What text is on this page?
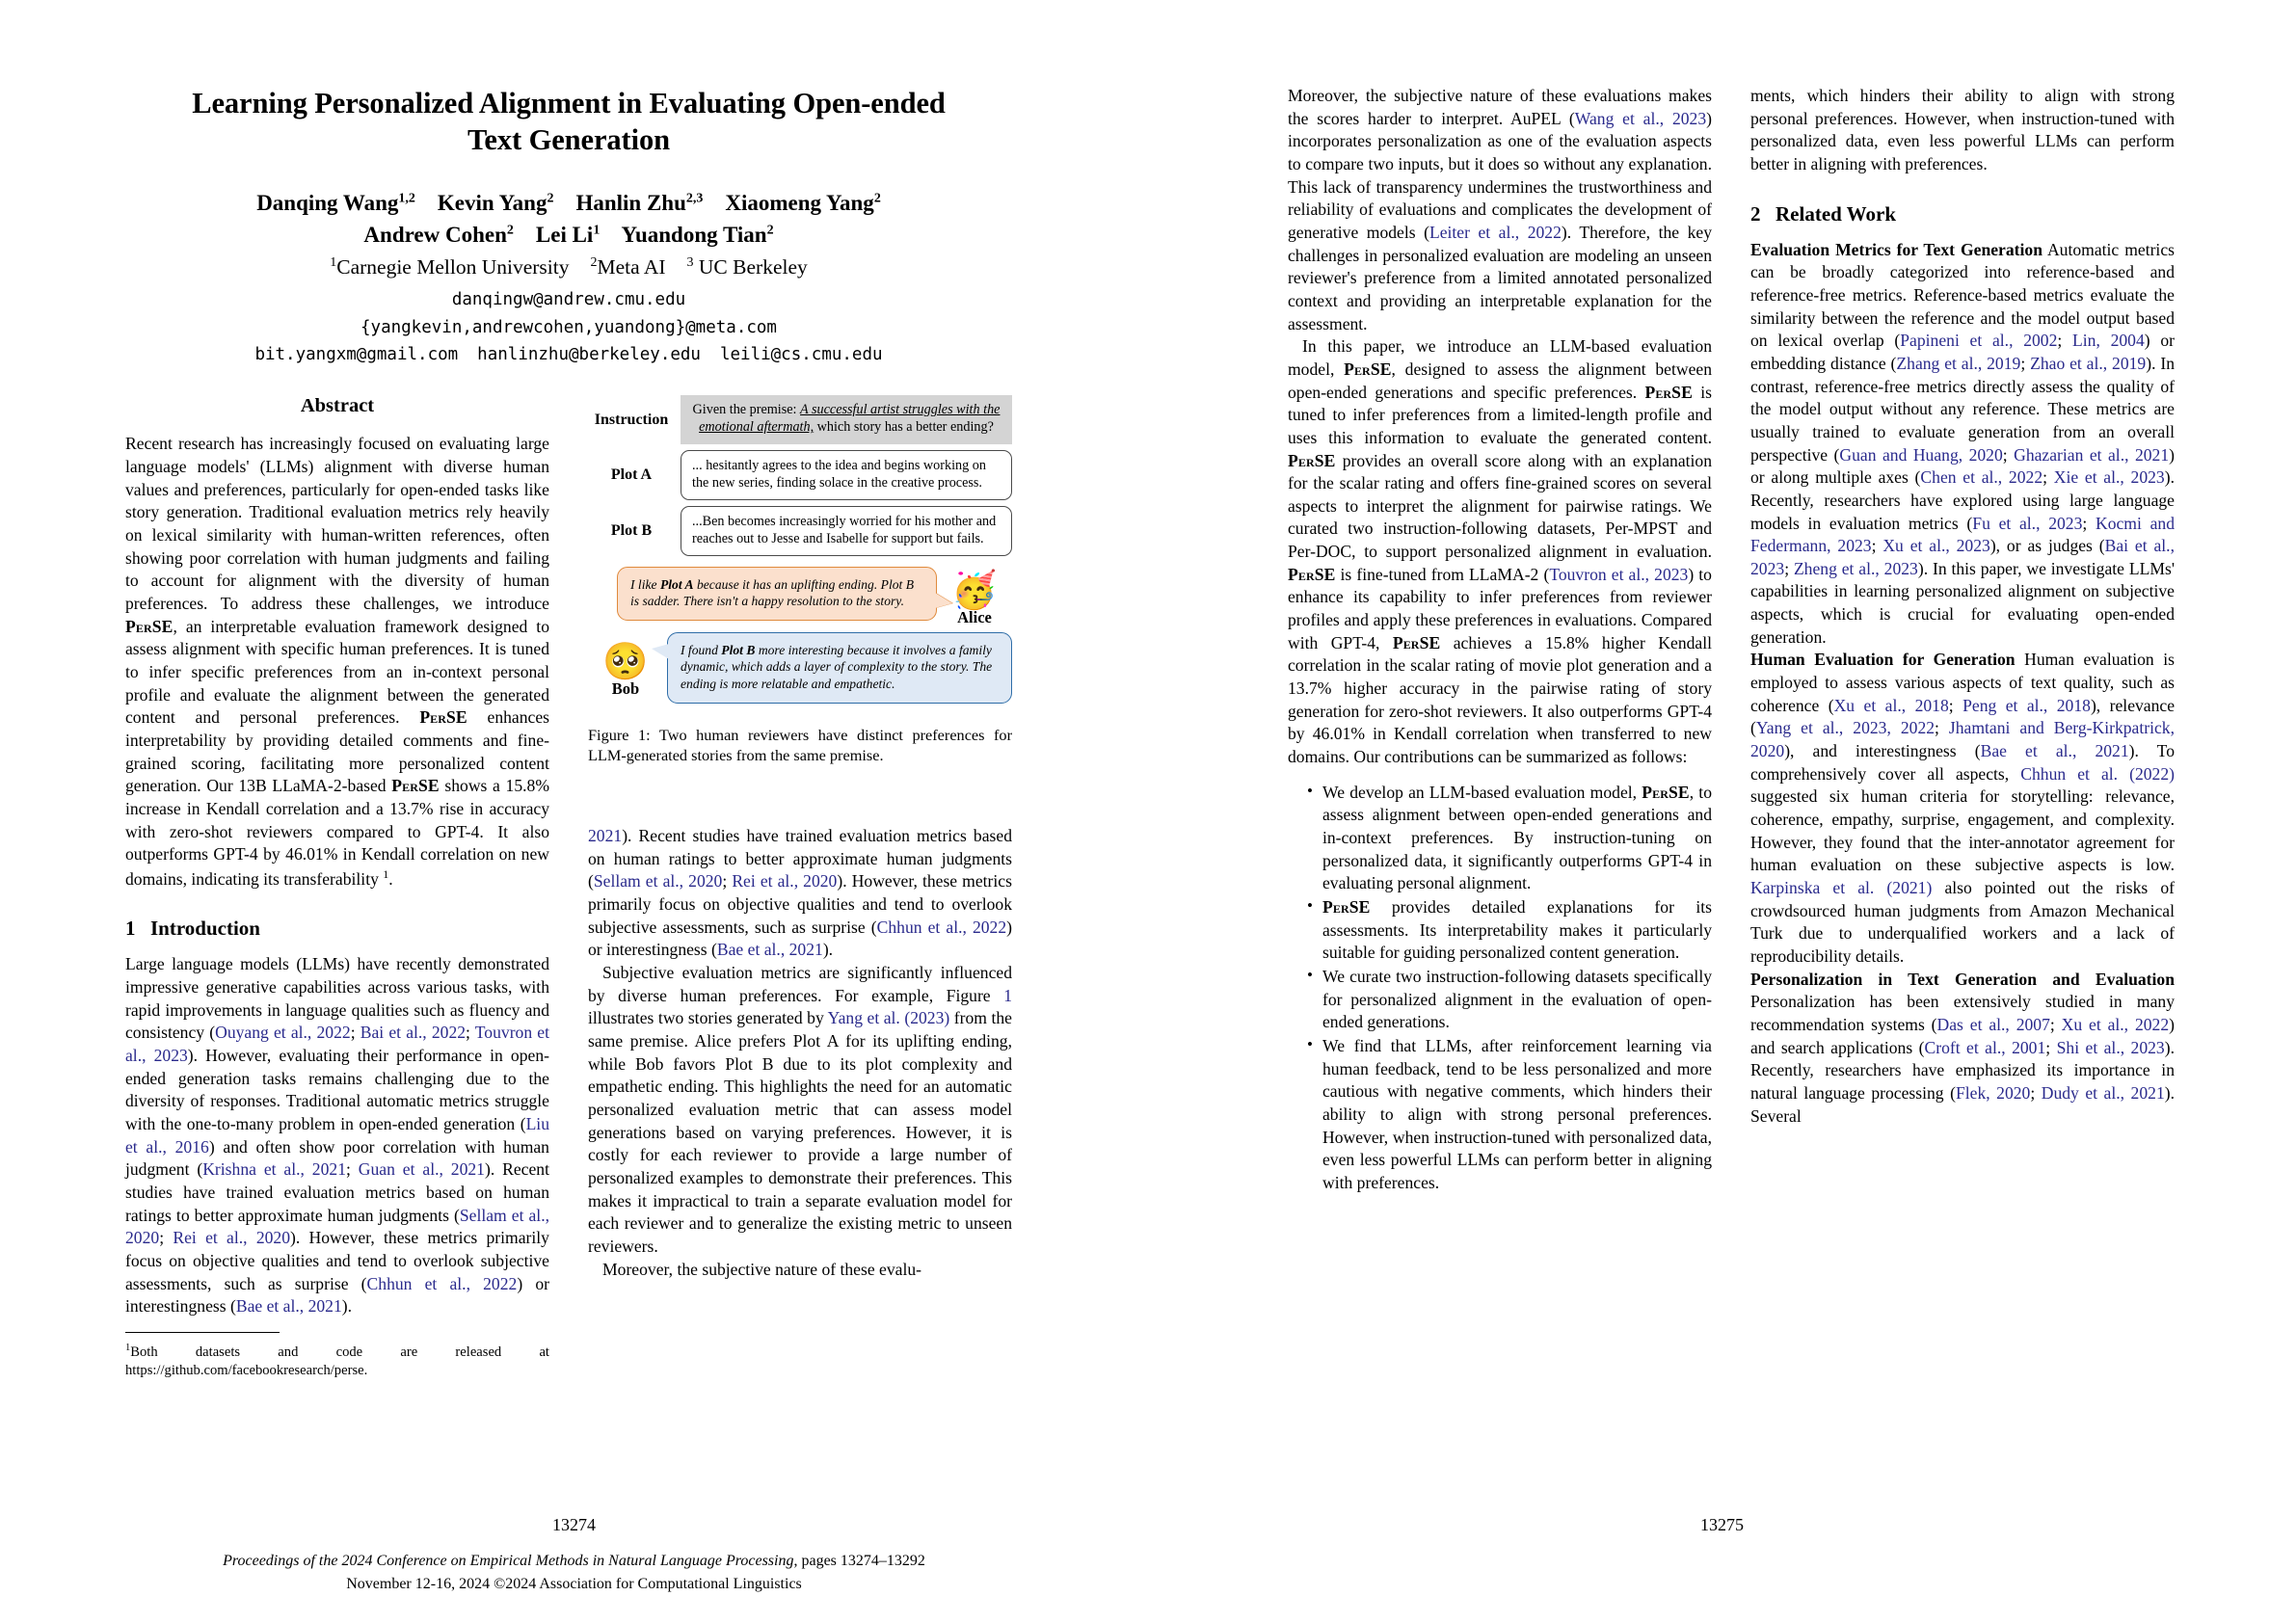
Learning Personalized Alignment in Evaluating Open-ended Text Generation
Danqing Wang$^{1,2}$ Kevin Yang$^2$ Hanlin Zhu$^{2,3}$ Xiaomeng Yang$^2$
Andrew Cohen$^2$ Lei Li$^1$ Yuandong Tian$^2$
$^1$Carnegie Mellon University $^2$Meta AI $^3$ UC Berkeley
danqingw@andrew.cmu.edu
{yangkevin,andrewcohen,yuandong}@meta.com
bit.yangxm@gmail.com hanlinzhu@berkeley.edu leili@cs.cmu.edu
Abstract

Recent research has increasingly focused on evaluating large language models' (LLMs) alignment with diverse human values and preferences, particularly for open-ended tasks like story generation. Traditional evaluation metrics rely heavily on lexical similarity with human-written references, often showing poor correlation with human judgments and failing to account for alignment with the diversity of human preferences. To address these challenges, we introduce PerSE, an interpretable evaluation framework designed to assess alignment with specific human preferences. It is tuned to infer specific preferences from an in-context personal profile and evaluate the alignment between the generated content and personal preferences. PerSE enhances interpretability by providing detailed comments and fine-grained scoring, facilitating more personalized content generation. Our 13B LLaMA-2-based PerSE shows a 15.8% increase in Kendall correlation and a 13.7% rise in accuracy with zero-shot reviewers compared to GPT-4. It also outperforms GPT-4 by 46.01% in Kendall correlation on new domains, indicating its transferability $^1$.

1 Introduction

Large language models (LLMs) have recently demonstrated impressive generative capabilities across various tasks, with rapid improvements in language qualities such as fluency and consistency (Ouyang et al., 2022; Bai et al., 2022; Touvron et al., 2023). However, evaluating their performance in open-ended generation tasks remains challenging due to the diversity of responses. Traditional automatic metrics struggle with the one-to-many problem in open-ended generation (Liu et al., 2016) and often show poor correlation with human judgment (Krishna et al., 2021; Guan et al., 2021). Recent studies have trained evaluation metrics based on human ratings to better approximate human judgments (Sellam et al., 2020; Rei et al., 2020). However, these metrics primarily focus on objective qualities and tend to overlook subjective assessments, such as surprise (Chhun et al., 2022) or interestingness (Bae et al., 2021).

$^1$Both datasets and code are released at https://github.com/facebookresearch/perse.
Instruction
Given the premise: A successful artist struggles with the emotional aftermath, which story has a better ending?
Plot A
... hesitantly agrees to the idea and begins working on the new series, finding solace in the creative process.
Plot B
...Ben becomes increasingly worried for his mother and reaches out to Jesse and Isabelle for support but fails.
I like Plot A because it has an uplifting ending. Plot B is sadder. There isn't a happy resolution to the story.	🥳
Alice
🥺
Bob
I found Plot B more interesting because it involves a family dynamic, which adds a layer of complexity to the story. The ending is more relatable and empathetic.
Figure 1: Two human reviewers have distinct preferences for LLM-generated stories from the same premise.

2021). Recent studies have trained evaluation metrics based on human ratings to better approximate human judgments (Sellam et al., 2020; Rei et al., 2020). However, these metrics primarily focus on objective qualities and tend to overlook subjective assessments, such as surprise (Chhun et al., 2022) or interestingness (Bae et al., 2021).

Subjective evaluation metrics are significantly influenced by diverse human preferences. For example, Figure 1 illustrates two stories generated by Yang et al. (2023) from the same premise. Alice prefers Plot A for its uplifting ending, while Bob favors Plot B due to its plot complexity and empathetic ending. This highlights the need for an automatic personalized evaluation metric that can assess model generations based on varying preferences. However, it is costly for each reviewer to provide a large number of personalized examples to demonstrate their preferences. This makes it impractical to train a separate evaluation model for each reviewer and to generalize the existing metric to unseen reviewers.

Moreover, the subjective nature of these evalu-

13274
Proceedings of the 2024 Conference on Empirical Methods in Natural Language Processing, pages 13274–13292
November 12-16, 2024 ©2024 Association for Computational Linguistics

Moreover, the subjective nature of these evaluations makes the scores harder to interpret. AuPEL (Wang et al., 2023) incorporates personalization as one of the evaluation aspects to compare two inputs, but it does so without any explanation. This lack of transparency undermines the trustworthiness and reliability of evaluations and complicates the development of generative models (Leiter et al., 2022). Therefore, the key challenges in personalized evaluation are modeling an unseen reviewer's preference from a limited annotated personalized context and providing an interpretable explanation for the assessment.

In this paper, we introduce an LLM-based evaluation model, PerSE, designed to assess the alignment between open-ended generations and specific preferences. PerSE is tuned to infer preferences from a limited-length profile and uses this information to evaluate the generated content. PerSE provides an overall score along with an explanation for the scalar rating and offers fine-grained scores on several aspects to interpret the alignment for pairwise ratings. We curated two instruction-following datasets, Per-MPST and Per-DOC, to support personalized alignment in evaluation. PerSE is fine-tuned from LLaMA-2 (Touvron et al., 2023) to enhance its capability to infer preferences from reviewer profiles and apply these preferences in evaluations. Compared with GPT-4, PerSE achieves a 15.8% higher Kendall correlation in the scalar rating of movie plot generation and a 13.7% higher accuracy in the pairwise rating of story generation for zero-shot reviewers. It also outperforms GPT-4 by 46.01% in Kendall correlation when transferred to new domains. Our contributions can be summarized as follows:

• We develop an LLM-based evaluation model, PerSE, to assess alignment between open-ended generations and in-context preferences. By instruction-tuning on personalized data, it significantly outperforms GPT-4 in evaluating personal alignment.
• PerSE provides detailed explanations for its assessments. Its interpretability makes it particularly suitable for guiding personalized content generation.
• We curate two instruction-following datasets specifically for personalized alignment in the evaluation of open-ended generations.
• We find that LLMs, after reinforcement learning via human feedback, tend to be less personalized and more cautious with negative comments, which hinders their ability to align with strong personal preferences. However, when instruction-tuned with personalized data, even less powerful LLMs can perform better in aligning with preferences.

ments, which hinders their ability to align with strong personal preferences. However, when instruction-tuned with personalized data, even less powerful LLMs can perform better in aligning with preferences.

2 Related Work

Evaluation Metrics for Text Generation Automatic metrics can be broadly categorized into reference-based and reference-free metrics. Reference-based metrics evaluate the similarity between the reference and the model output based on lexical overlap (Papineni et al., 2002; Lin, 2004) or embedding distance (Zhang et al., 2019; Zhao et al., 2019). In contrast, reference-free metrics directly assess the quality of the model output without any reference. These metrics are usually trained to evaluate generation from an overall perspective (Guan and Huang, 2020; Ghazarian et al., 2021) or along multiple axes (Chen et al., 2022; Xie et al., 2023). Recently, researchers have explored using large language models in evaluation metrics (Fu et al., 2023; Kocmi and Federmann, 2023; Xu et al., 2023), or as judges (Bai et al., 2023; Zheng et al., 2023). In this paper, we investigate LLMs' capabilities in learning personalized alignment on subjective aspects, which is crucial for evaluating open-ended generation.

Human Evaluation for Generation Human evaluation is employed to assess various aspects of text quality, such as coherence (Xu et al., 2018; Peng et al., 2018), relevance (Yang et al., 2023, 2022; Jhamtani and Berg-Kirkpatrick, 2020), and interestingness (Bae et al., 2021). To comprehensively cover all aspects, Chhun et al. (2022) suggested six human criteria for storytelling: relevance, coherence, empathy, surprise, engagement, and complexity. However, they found that the inter-annotator agreement for human evaluation on these subjective aspects is low. Karpinska et al. (2021) also pointed out the risks of crowdsourced human judgments from Amazon Mechanical Turk due to underqualified workers and a lack of reproducibility details.

Personalization in Text Generation and Evaluation Personalization has been extensively studied in many recommendation systems (Das et al., 2007; Xu et al., 2022) and search applications (Croft et al., 2001; Shi et al., 2023). Recently, researchers have emphasized its importance in natural language processing (Flek, 2020; Dudy et al., 2021). Several

13275
